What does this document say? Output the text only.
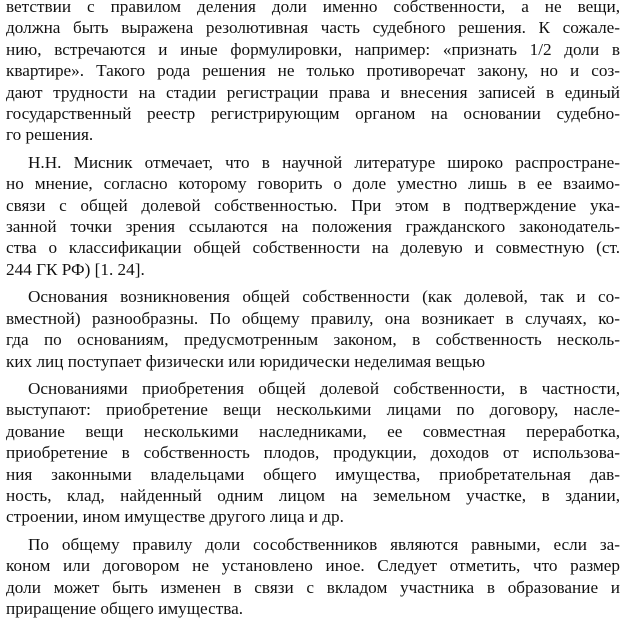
ветствии с правилом деления доли именно собственности, а не вещи,
должна быть выражена резолютивная часть судебного решения. К сожале-
нию, встречаются и иные формулировки, например: «признать 1/2 доли в
квартире». Такого рода решения не только противоречат закону, но и соз-
дают трудности на стадии регистрации права и внесения записей в единый
государственный реестр регистрирующим органом на основании судебно-
го решения.
Н.Н. Мисник отмечает, что в научной литературе широко распростране-
но мнение, согласно которому говорить о доле уместно лишь в ее взаимо-
связи с общей долевой собственностью. При этом в подтверждение ука-
занной точки зрения ссылаются на положения гражданского законодатель-
ства о классификации общей собственности на долевую и совместную (ст.
244 ГК РФ) [1. 24].
Основания возникновения общей собственности (как долевой, так и со-
вместной) разнообразны. По общему правилу, она возникает в случаях, ко-
гда по основаниям, предусмотренным законом, в собственность несколь-
ких лиц поступает физически или юридически неделимая вещью
Основаниями приобретения общей долевой собственности, в частности,
выступают: приобретение вещи несколькими лицами по договору, насле-
дование вещи несколькими наследниками, ее совместная переработка,
приобретение в собственность плодов, продукции, доходов от использова-
ния законными владельцами общего имущества, приобретательная дав-
ность, клад, найденный одним лицом на земельном участке, в здании,
строении, ином имуществе другого лица и др.
По общему правилу доли сособственников являются равными, если за-
коном или договором не установлено иное. Следует отметить, что размер
доли может быть изменен в связи с вкладом участника в образование и
приращение общего имущества.
